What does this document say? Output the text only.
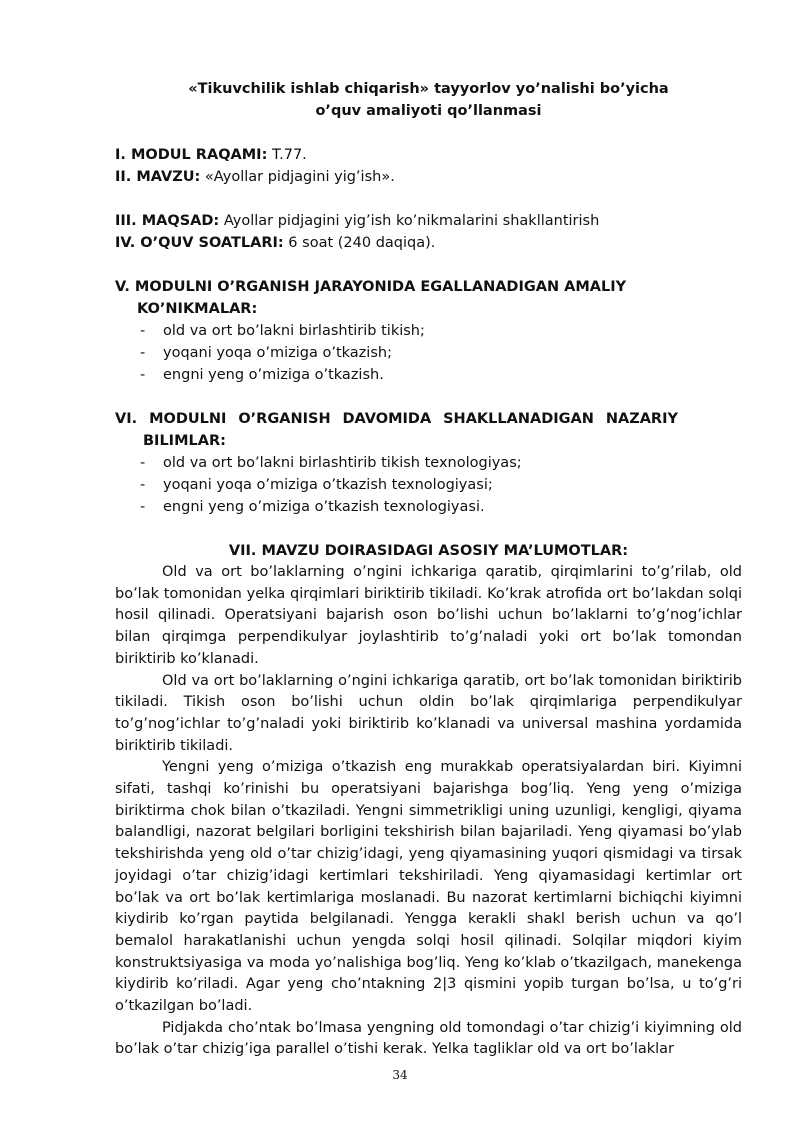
«Tikuvchilik ishlab chiqarish» tayyorlov yo’nalishi bo’yicha
o’quv amaliyoti qo’llanmasi
I. MODUL RAQAMI: T.77.
II. MAVZU: «Ayollar pidjagini yig’ish».
III. MAQSAD: Ayollar pidjagini yig’ish ko’nikmalarini shakllantirish
IV. O’QUV SOATLARI: 6 soat (240 daqiqa).
V. MODULNI O’RGANISH JARAYONIDA EGALLANADIGAN AMALIY
KO’NIKMALAR:
- old va ort bo’lakni birlashtirib tikish;
- yoqani yoqa o’miziga o’tkazish;
- engni yeng o’miziga o’tkazish.
VI. MODULNI O’RGANISH DAVOMIDA SHAKLLANADIGAN NAZARIY
BILIMLAR:
- old va ort bo’lakni birlashtirib tikish texnologiyas;
- yoqani yoqa o’miziga o’tkazish texnologiyasi;
- engni yeng o’miziga o’tkazish texnologiyasi.
VII. MAVZU DOIRASIDAGI ASOSIY MA’LUMOTLAR:

Old va ort bo’laklarning o’ngini ichkariga qaratib, qirqimlarini to’g’rilab, old bo’lak tomonidan yelka qirqimlari biriktirib tikiladi. Ko’krak atrofida ort bo’lakdan solqi hosil qilinadi. Operatsiyani bajarish oson bo’lishi uchun bo’laklarni to’g’nog’ichlar bilan qirqimga perpendikulyar joylashtirib to’g’naladi yoki ort bo’lak tomondan biriktirib ko’klanadi.

Old va ort bo’laklarning o’ngini ichkariga qaratib, ort bo’lak tomonidan biriktirib tikiladi. Tikish oson bo’lishi uchun oldin bo’lak qirqimlariga perpendikulyar to’g’nog’ichlar to’g’naladi yoki biriktirib ko’klanadi va universal mashina yordamida biriktirib tikiladi.

Yengni yeng o’miziga o’tkazish eng murakkab operatsiyalardan biri. Kiyimni sifati, tashqi ko’rinishi bu operatsiyani bajarishga bog’liq. Yeng yeng o’miziga biriktirma chok bilan o’tkaziladi. Yengni simmetrikligi uning uzunligi, kengligi, qiyama balandligi, nazorat belgilari borligini tekshirish bilan bajariladi. Yeng qiyamasi bo’ylab tekshirishda yeng old o’tar chizig’idagi, yeng qiyamasining yuqori qismidagi va tirsak joyidagi o’tar chizig’idagi kertimlari tekshiriladi. Yeng qiyamasidagi kertimlar ort bo’lak va ort bo’lak kertimlariga moslanadi. Bu nazorat kertimlarni bichiqchi kiyimni kiydirib ko’rgan paytida belgilanadi. Yengga kerakli shakl berish uchun va qo’l bemalol harakatlanishi uchun yengda solqi hosil qilinadi. Solqilar miqdori kiyim konstruktsiyasiga va moda yo’nalishiga bog’liq. Yeng ko’klab o’tkazilgach, manekenga kiydirib ko’riladi. Agar yeng cho’ntakning 2|3 qismini yopib turgan bo’lsa, u to’g’ri o’tkazilgan bo’ladi.

Pidjakda cho’ntak bo’lmasa yengning old tomondagi o’tar chizig’i kiyimning old bo’lak o’tar chizig’iga parallel o’tishi kerak. Yelka tagliklar old va ort bo’laklar

34
